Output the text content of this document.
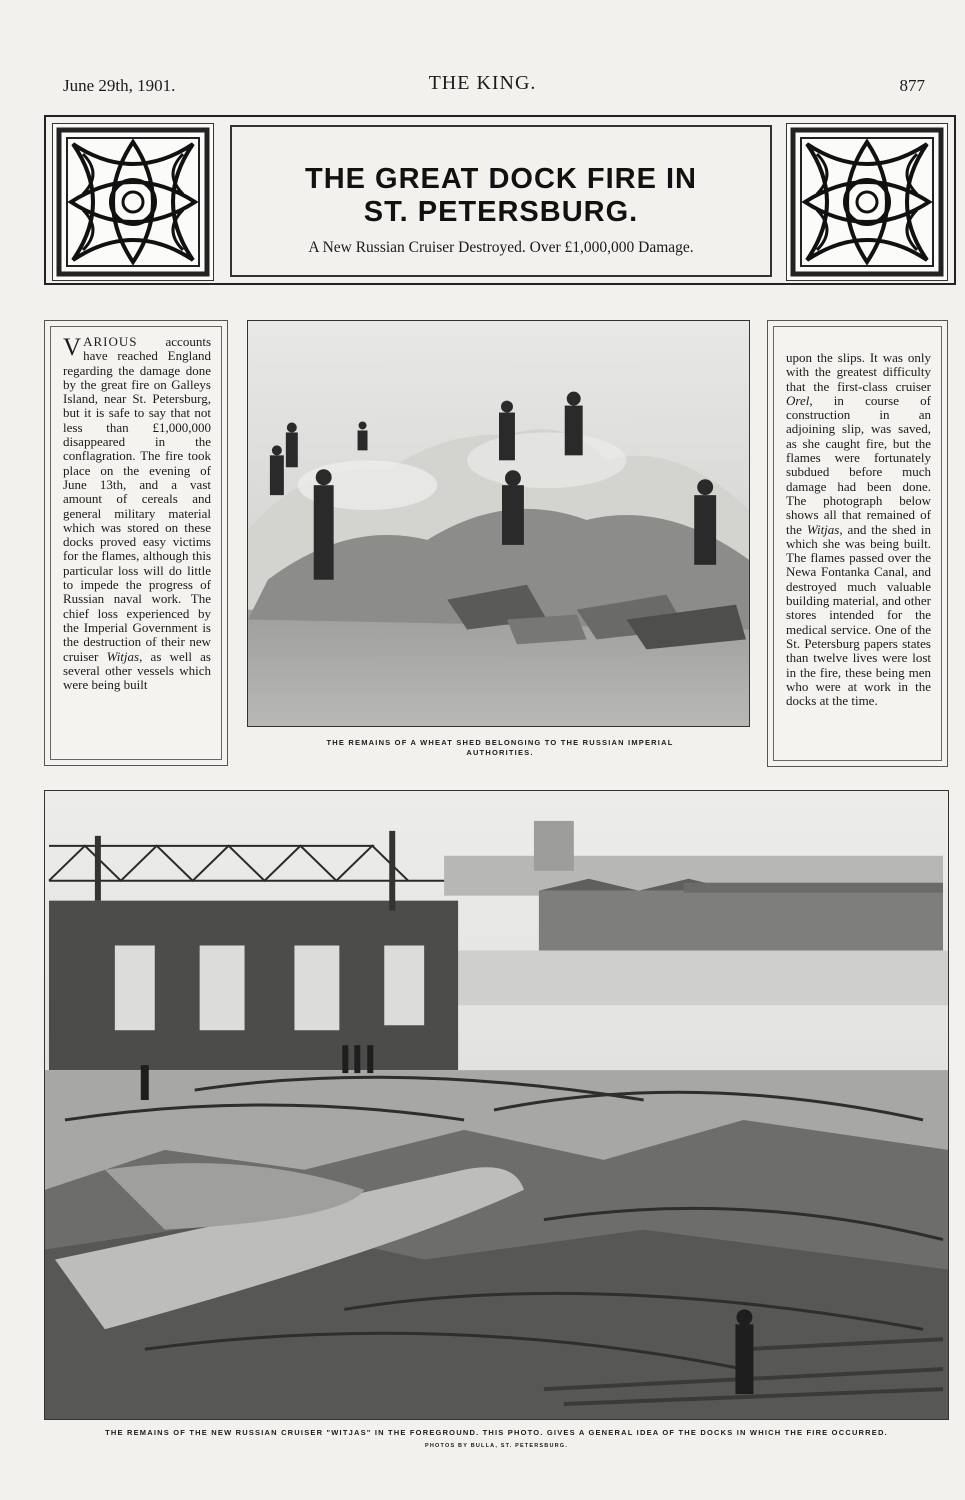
June 29th, 1901.	THE KING.	877
THE GREAT DOCK FIRE IN
ST. PETERSBURG.
A New Russian Cruiser Destroyed. Over £1,000,000 Damage.
VARIOUS accounts have reached England regarding the damage done by the great fire on Galleys Island, near St. Petersburg, but it is safe to say that not less than £1,000,000 disappeared in the conflagration. The fire took place on the evening of June 13th, and a vast amount of cereals and general military material which was stored on these docks proved easy victims for the flames, although this particular loss will do little to impede the progress of Russian naval work. The chief loss experienced by the Imperial Government is the destruction of their new cruiser Witjas, as well as several other vessels which were being built
THE REMAINS OF A WHEAT SHED BELONGING TO THE RUSSIAN IMPERIAL AUTHORITIES.
upon the slips. It was only with the greatest difficulty that the first-class cruiser Orel, in course of construction in an adjoining slip, was saved, as she caught fire, but the flames were fortunately subdued before much damage had been done. The photograph below shows all that remained of the Witjas, and the shed in which she was being built. The flames passed over the Newa Fontanka Canal, and destroyed much valuable building material, and other stores intended for the medical service. One of the St. Petersburg papers states than twelve lives were lost in the fire, these being men who were at work in the docks at the time.
THE REMAINS OF THE NEW RUSSIAN CRUISER "WITJAS" IN THE FOREGROUND. THIS PHOTO. GIVES A GENERAL IDEA OF THE DOCKS IN WHICH THE FIRE OCCURRED.
PHOTOS BY BULLA, ST. PETERSBURG.
